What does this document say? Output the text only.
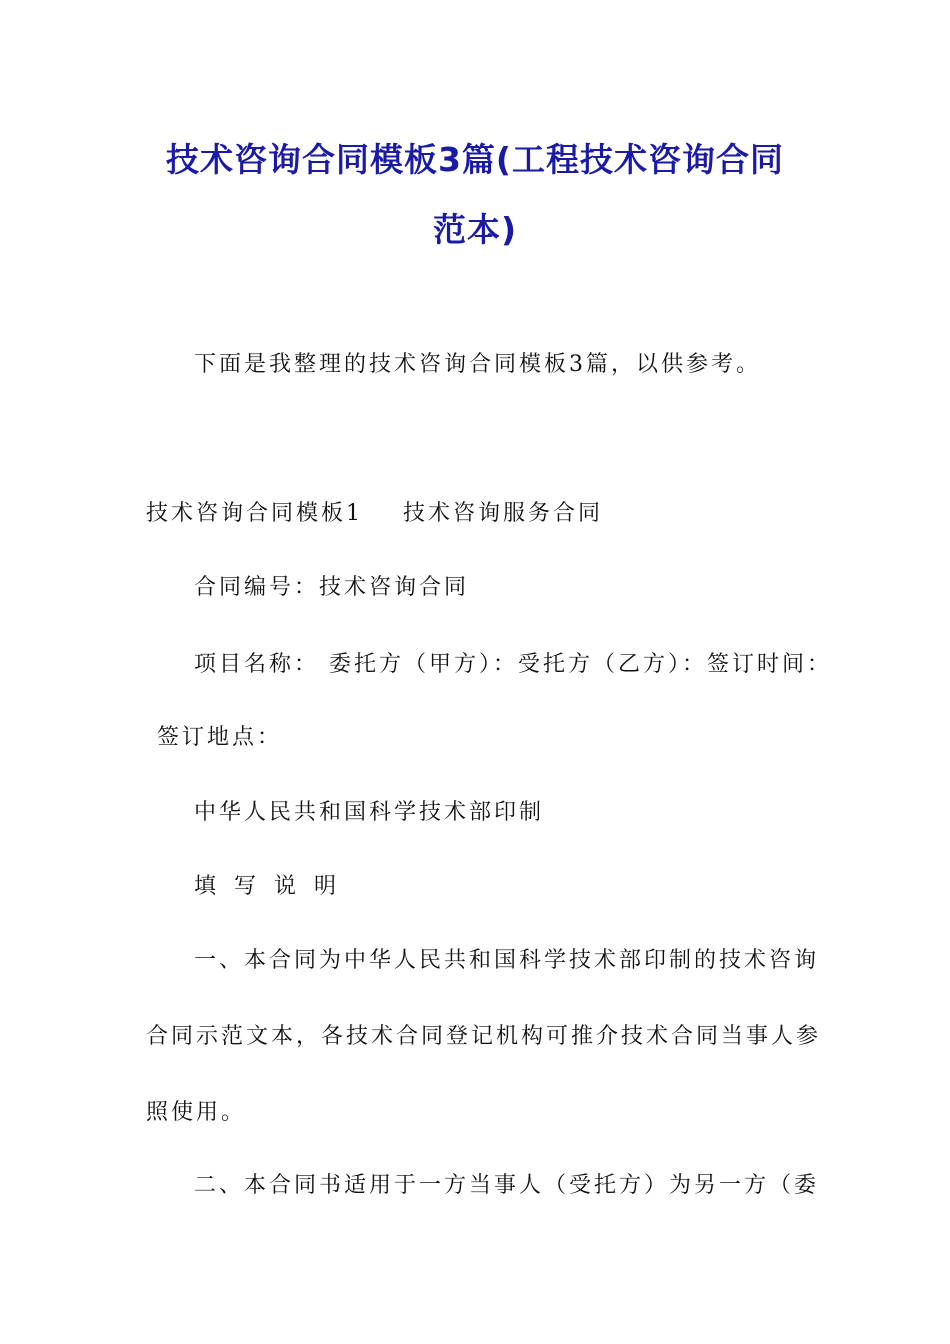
技术咨询合同模板3篇(工程技术咨询合同
范本)
下面是我整理的技术咨询合同模板3篇，以供参考。
技术咨询合同模板1 技术咨询服务合同
合同编号：技术咨询合同
项目名称： 委托方（甲方）：受托方（乙方）：签订时间：
签订地点：
中华人民共和国科学技术部印制
填写说明
一、本合同为中华人民共和国科学技术部印制的技术咨询
合同示范文本，各技术合同登记机构可推介技术合同当事人参
照使用。
二、本合同书适用于一方当事人（受托方）为另一方（委
